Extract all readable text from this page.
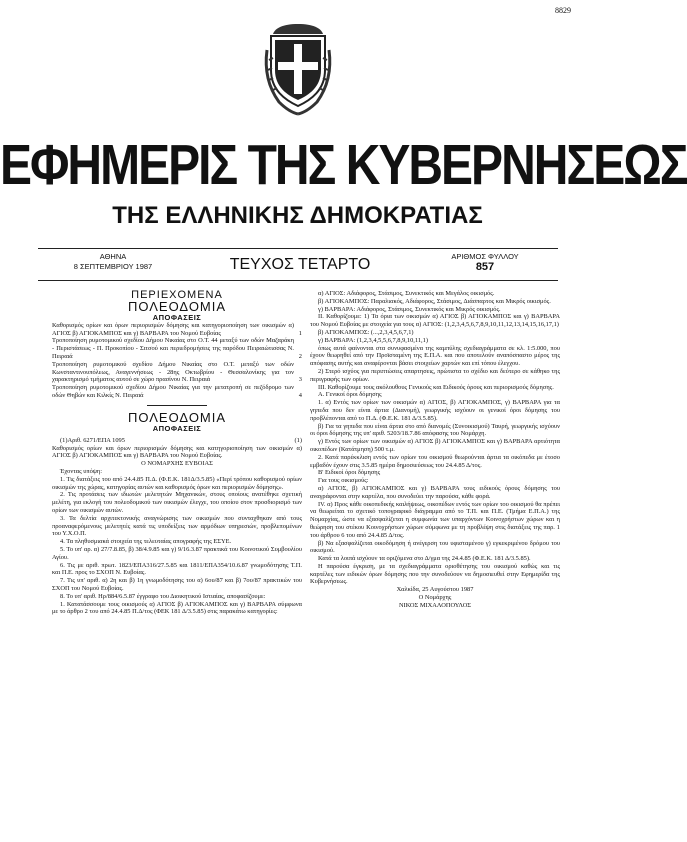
8829
ΕΦΗΜΕΡΙΣ ΤΗΣ ΚΥΒΕΡΝΗΣΕΩΣ
ΤΗΣ ΕΛΛΗΝΙΚΗΣ ΔΗΜΟΚΡΑΤΙΑΣ
ΑΘΗΝΑ
8 ΣΕΠΤΕΜΒΡΙΟΥ 1987	ΤΕΥΧΟΣ ΤΕΤΑΡΤΟ	ΑΡΙΘΜΟΣ ΦΥΛΛΟΥ
857
ΠΕΡΙΕΧΟΜΕΝΑ
ΠΟΛΕΟΔΟΜΙΑ
ΑΠΟΦΑΣΕΙΣ

Καθορισμός ορίων και όρων περιορισμών δόμησης και κατηγοριοποίηση των οικισμών α) ΑΓΙΟΣ β) ΑΓΙΟΚΑΜΠΟΣ και γ) ΒΑΡΒΑΡΑ του Νομού Ευβοίας	1

Τροποποίηση ρυμοτομικού σχεδίου Δήμου Νικαίας στο Ο.Τ. 44 μεταξύ των οδών Μαζαράκη - Περιστάσεως - Π. Προκοπίου - Σιτσού και περιεδρομήσεις της παρόδου Πειραιώτισσας Ν. Πειραιά	2

Τροποποίηση ρυμοτομικού σχεδίου Δήμου Νικαίας στο Ο.Τ. μεταξύ των οδών Κωνσταντινουπόλεως, Αναγεννήσεως - 28ης Οκτωβρίου - Θεσσαλονίκης για τον χαρακτηρισμό τμήματος αυτού σε χώρο πρασίνου Ν. Πειραιά	3

Τροποποίηση ρυμοτομικού σχεδίου Δήμου Νικαίας για την μετατροπή σε πεζόδρομο των οδών Θηβών και Κιλκίς Ν. Πειραιά	4

ΠΟΛΕΟΔΟΜΙΑ
ΑΠΟΦΑΣΕΙΣ

(1)Αριθ. 6271/ΕΠΑ 1095	(1)

Καθορισμός ορίων και όρων περιορισμών δόμησης και κατηγοριοποίηση των οικισμών α) ΑΓΙΟΣ β) ΑΓΙΟΚΑΜΠΟΣ και γ) ΒΑΡΒΑΡΑ του Νομού Ευβοίας.

Ο ΝΟΜΑΡΧΗΣ ΕΥΒΟΙΑΣ

Έχοντας υπόψη:

1. Τις διατάξεις του από 24.4.85 Π.Δ. (Φ.Ε.Κ. 181Δ/3.5.85) «Περί τρόπου καθορισμού ορίων οικισμών της χώρας, κατηγορίας αυτών και καθορισμός όρων και περιορισμών δόμησης».

2. Τις προτάσεις των ιδιωτών μελετητών Μηχανικών, στους οποίους ανατέθηκε σχετική μελέτη, για εκλογή του πολεοδομικού των οικισμών έλεγχε, του οποίου στον προσδιορισμό των ορίων των οικισμών αυτών.

3. Τα δελτία αρχιτεκτονικής αναγνώρισης των οικισμών που συνταχθηκαν από τους προαναφερόμενους μελετητές κατά τις υποδείξεις των αρμόδιων υπηρεσιών, προβλεπομένων του Υ.Χ.Ο.Π.

4. Τα πληθυσμιακά στοιχεία της τελευταίας απογραφής της ΕΣΥΕ.

5. Το υπ' αρ. α) 27/7.8.85, β) 38/4.9.85 και γ) 9/16.3.87 πρακτικά του Κοινοτικού Συμβουλίου Αγίου.

6. Τις με αριθ. πρωτ. 1823/ΕΠΑ316/27.5.85 και 1811/ΕΠΑ354/10.6.87 γνωμοδότησης Τ.Π. και Π.Ε. προς το ΣΧΟΠ Ν. Ευβοίας.

7. Τις υπ' αριθ. α) 2η και β) 1η γνωμοδότησης του α) 6ου/87 και β) 7ου/87 πρακτικών του ΣΧΟΠ του Νομού Ευβοίας.

8. Το υπ' αριθ. Ηρ/884/6.5.87 έγγραφο του Διοικητικού Ιστιαίας, αποφασίζουμε:

1. Κατατάσσουμε τους οικισμούς α) ΑΓΙΟΣ β) ΑΓΙΟΚΑΜΠΟΣ και γ) ΒΑΡΒΑΡΑ σύμφωνα με το άρθρο 2 του από 24.4.85 Π.Δ/τος (ΦΕΚ 181 Δ/3.5.85) στις παρακάτω κατηγορίες:

α) ΑΓΙΟΣ: Αδιάφορος, Στάσιμος, Συνεκτικός και Μεγάλος οικισμός.

β) ΑΓΙΟΚΑΜΠΟΣ: Παραλιακός, Αδιάφορος, Στάσιμος, Διάσπαρτος και Μικρός οικισμός.

γ) ΒΑΡΒΑΡΑ: Αδιάφορος, Στάσιμος, Συνεκτικός και Μικρός οικισμός.

ΙΙ. Καθορίζουμε: 1) Τα όρια των οικισμών α) ΑΓΙΟΣ β) ΑΓΙΟΚΑΜΠΟΣ και γ) ΒΑΡΒΑΡΑ του Νομού Ευβοίας με στοιχεία για τους α) ΑΓΙΟΣ: (1,2,3,4,5,6,7,8,9,10,11,12,13,14,15,16,17,1)

β) ΑΓΙΟΚΑΜΠΟΣ: (...,2,3,4,5,6,7,1)

γ) ΒΑΡΒΑΡΑ: (1,2,3,4,5,5,6,7,8,9,10,11,1)

όπως αυτά φαίνονται στα συνυφασμένα της καμπύλης σχεδιαγράμματα σε κλ. 1:5.000, που έχουν θεωρηθεί από την Προϊσταμένη της Ε.Π.Α. και που αποτελούν αναπόσπαστο μέρος της απόφασης αυτής και αναφέρονται βάσει στοιχείων χαρτών και επί τόπου έλεγχου.

2) Στερό ισχύος για περιπτώσεις απαρτησεις, πρώτιστα το σχέδιο και δεύτερο σε κάθηκο της περιγραφής των ορίων.

ΙΙΙ. Καθορίζουμε τους ακόλουθους Γενικούς και Ειδικούς όρους και περιορισμούς δόμησης.

Α. Γενικοί όροι δόμησης

1. α) Εντός των ορίων των οικισμών α) ΑΓΙΟΣ, β) ΑΓΙΟΚΑΜΠΟΣ, γ) ΒΑΡΒΑΡΑ για τα γηπεδα που δεν είναι άρτια (Διανομή), γεωργικής ισχύουν οι γενικοί όροι δόμησης του προβλέπονται από το Π.Δ. (Φ.Ε.Κ. 181 Δ/3.5.85).

β) Για τα γηπεδα που είναι άρτια στο από διανομές (Συνοικισμού) Ταυρή, γεωργικής ισχύουν οι όροι δόμησης της υπ' αριθ. 5203/18.7.86 απόφασης του Νομάρχη.

γ) Εντός των ορίων των οικισμών α) ΑΓΙΟΣ β) ΑΓΙΟΚΑΜΠΟΣ και γ) ΒΑΡΒΑΡΑ αρτιότητα οικοπέδων (Κατάτμηση) 500 τ.μ.

2. Κατά παρέκκλιση εντός των ορίων του οικισμού θεωρούνται άρτια τα οικόπεδα με έτοσο εμβαδόν έχουν στις 3.5.85 ημέρα δημοσιεύσεως του 24.4.85 Δ/τος.

Β' Ειδικοί όροι δόμησης

Για τους οικισμούς:

α) ΑΓΙΟΣ, β) ΑΓΙΟΚΑΜΠΟΣ και γ) ΒΑΡΒΑΡΑ τους ειδικούς όρους δόμησης του αναγράφονται στην καρτέλα, που συνοδεύει την παρούσα, κάθε φορά.

IV. α) Προς κάθε οικοπεδικής καιλήψεως, οικοπέδων εντός των ορίων του οικισμού θα πρέπει να θεωρείται το σχετικό τοπογραφικό διάγραμμα από το Τ.Π. και Π.Ε. (Τμήμα Ε.Π.Α.) της Νομαρχίας, ώστε να εξασφαλίζεται η συμφωνία των υπαρχόντων Κοινοχρήστων χώρων και η θεώρηση του στέκου Κοινοχρήστων χώρων σύμφωνα με τη προβλέψη στις διατάξεις της παρ. 1 του άρθρου 6 του από 24.4.85 Δ/τος.

β) Να εξασφαλίζεται οικοδόμηση ή ανέγερση του υφισταμένου γ) εγκεκριμένου δρόμου του οικισμού.

Κατά τα λοιπά ισχύουν τα οριζόμενα στο Δ/γμα της 24.4.85 (Φ.Ε.Κ. 181 Δ/3.5.85).

Η παρούσα έγκριση, με τα σχεδιαγράμματα οριοθέτησης του οικισμού καθώς και τις καρτέλες των ειδικών όρων δόμησης που την συνοδεύουν να δημοσιευθεί στην Εφημερίδα της Κυβερνήσεως.

Χαλκίδα, 25 Αυγούστου 1987

Ο Νομάρχης

ΝΙΚΟΣ ΜΙΧΑΛΟΠΟΥΛΟΣ
